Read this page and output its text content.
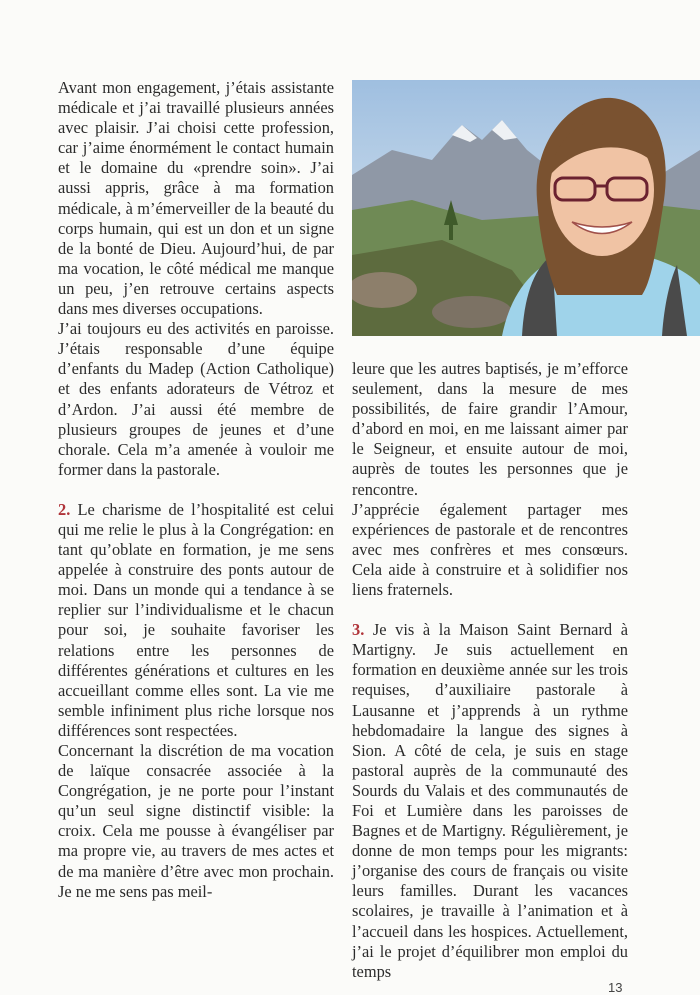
Avant mon engagement, j’étais assistante médicale et j’ai travaillé plusieurs années avec plaisir. J’ai choisi cette profession, car j’aime énormément le contact humain et le domaine du «prendre soin». J’ai aussi appris, grâce à ma formation médicale, à m’émerveiller de la beauté du corps humain, qui est un don et un signe de la bonté de Dieu. Aujourd’hui, de par ma vocation, le côté médical me manque un peu, j’en retrouve certains aspects dans mes diverses occupations.

J’ai toujours eu des activités en paroisse. J’étais responsable d’une équipe d’enfants du Madep (Action Catholique) et des enfants adorateurs de Vétroz et d’Ardon. J’ai aussi été membre de plusieurs groupes de jeunes et d’une chorale. Cela m’a amenée à vouloir me former dans la pastorale.

2. Le charisme de l’hospitalité est celui qui me relie le plus à la Congrégation: en tant qu’oblate en formation, je me sens appelée à construire des ponts autour de moi. Dans un monde qui a tendance à se replier sur l’individualisme et le chacun pour soi, je souhaite favoriser les relations entre les personnes de différentes générations et cultures en les accueillant comme elles sont. La vie me semble infiniment plus riche lorsque nos différences sont respectées.

Concernant la discrétion de ma vocation de laïque consacrée associée à la Congrégation, je ne porte pour l’instant qu’un seul signe distinctif visible: la croix. Cela me pousse à évangéliser par ma propre vie, au travers de mes actes et de ma manière d’être avec mon prochain. Je ne me sens pas meil-

leure que les autres baptisés, je m’efforce seulement, dans la mesure de mes possibilités, de faire grandir l’Amour, d’abord en moi, en me laissant aimer par le Seigneur, et ensuite autour de moi, auprès de toutes les personnes que je rencontre.

J’apprécie également partager mes expériences de pastorale et de rencontres avec mes confrères et mes consœurs. Cela aide à construire et à solidifier nos liens fraternels.

3. Je vis à la Maison Saint Bernard à Martigny. Je suis actuellement en formation en deuxième année sur les trois requises, d’auxiliaire pastorale à Lausanne et j’apprends à un rythme hebdomadaire la langue des signes à Sion. A côté de cela, je suis en stage pastoral auprès de la communauté des Sourds du Valais et des communautés de Foi et Lumière dans les paroisses de Bagnes et de Martigny. Régulièrement, je donne de mon temps pour les migrants: j’organise des cours de français ou visite leurs familles. Durant les vacances scolaires, je travaille à l’animation et à l’accueil dans les hospices. Actuellement, j’ai le projet d’équilibrer mon emploi du temps

13
